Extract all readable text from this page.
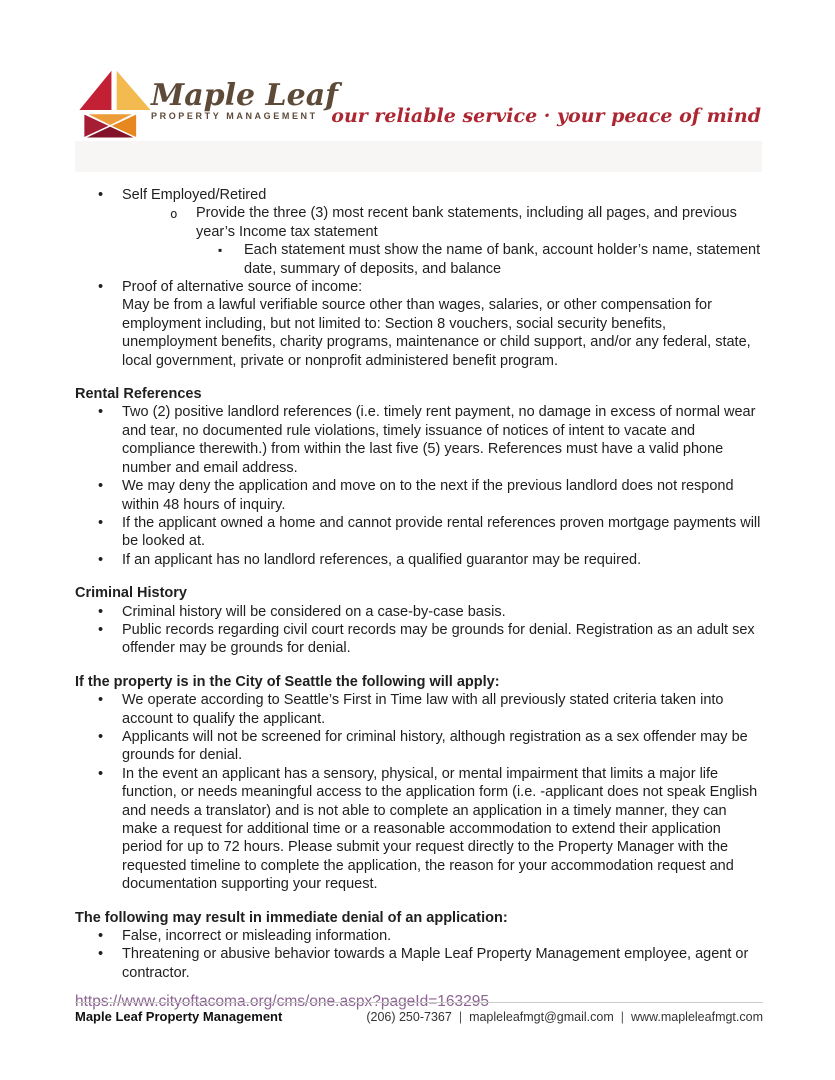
Maple Leaf
PROPERTY MANAGEMENT our reliable service · your peace of mind
• Self Employed/Retired
o Provide the three (3) most recent bank statements, including all pages, and previous year’s Income tax statement
▪ Each statement must show the name of bank, account holder’s name, statement date, summary of deposits, and balance
• Proof of alternative source of income:
May be from a lawful verifiable source other than wages, salaries, or other compensation for employment including, but not limited to: Section 8 vouchers, social security benefits, unemployment benefits, charity programs, maintenance or child support, and/or any federal, state, local government, private or nonprofit administered benefit program.
Rental References
• Two (2) positive landlord references (i.e. timely rent payment, no damage in excess of normal wear and tear, no documented rule violations, timely issuance of notices of intent to vacate and compliance therewith.) from within the last five (5) years. References must have a valid phone number and email address.
• We may deny the application and move on to the next if the previous landlord does not respond within 48 hours of inquiry.
• If the applicant owned a home and cannot provide rental references proven mortgage payments will be looked at.
• If an applicant has no landlord references, a qualified guarantor may be required.
Criminal History
• Criminal history will be considered on a case-by-case basis.
• Public records regarding civil court records may be grounds for denial. Registration as an adult sex offender may be grounds for denial.
If the property is in the City of Seattle the following will apply:
• We operate according to Seattle’s First in Time law with all previously stated criteria taken into account to qualify the applicant.
• Applicants will not be screened for criminal history, although registration as a sex offender may be grounds for denial.
• In the event an applicant has a sensory, physical, or mental impairment that limits a major life function, or needs meaningful access to the application form (i.e. -applicant does not speak English and needs a translator) and is not able to complete an application in a timely manner, they can make a request for additional time or a reasonable accommodation to extend their application period for up to 72 hours. Please submit your request directly to the Property Manager with the requested timeline to complete the application, the reason for your accommodation request and documentation supporting your request.
The following may result in immediate denial of an application:
• False, incorrect or misleading information.
• Threatening or abusive behavior towards a Maple Leaf Property Management employee, agent or contractor.
https://www.cityoftacoma.org/cms/one.aspx?pageId=163295
Maple Leaf Property Management	(206) 250-7367 | mapleleafmgt@gmail.com | www.mapleleafmgt.com
